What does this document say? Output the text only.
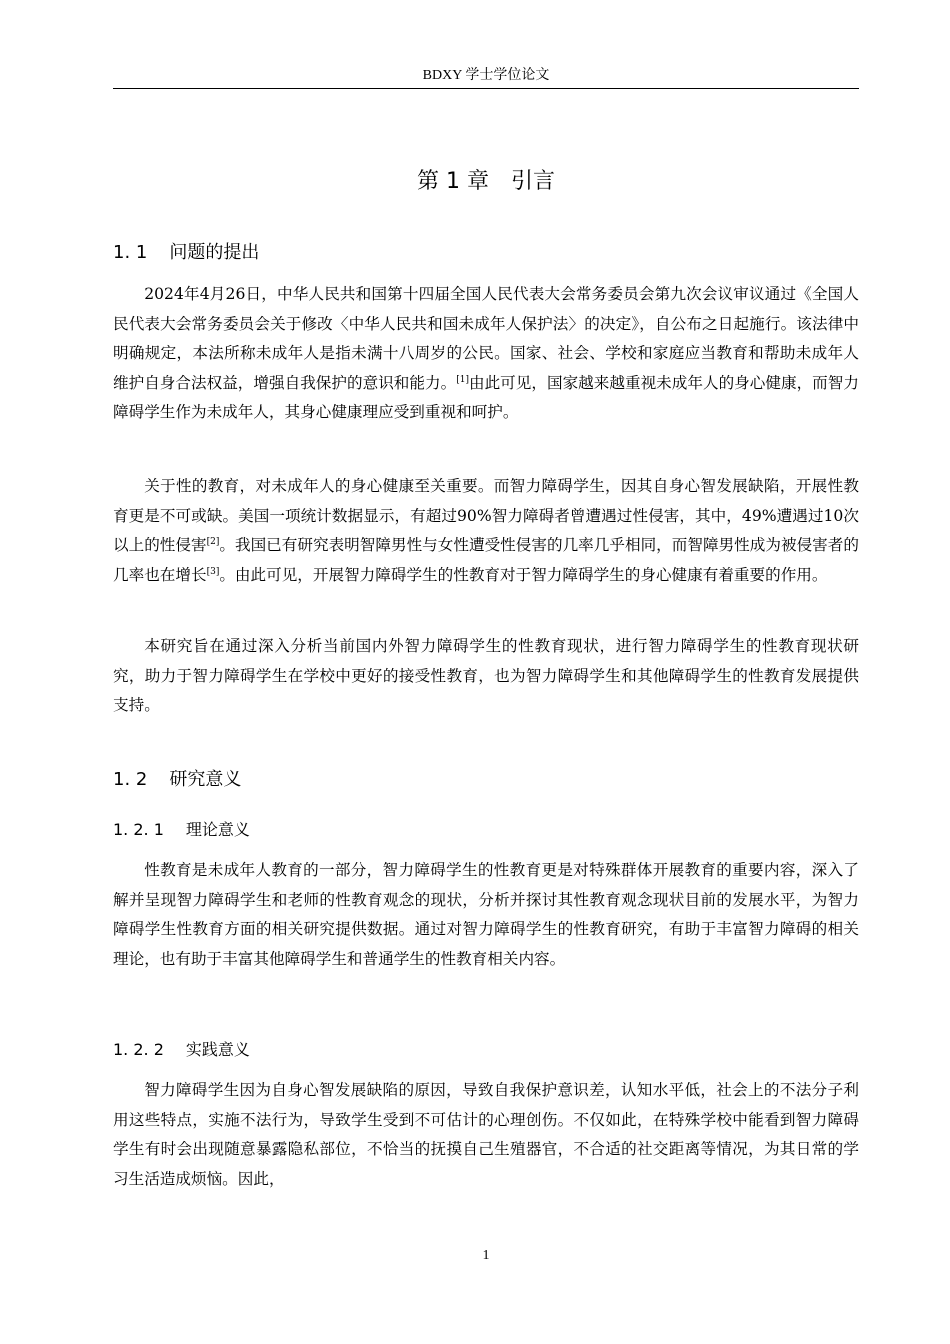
BDXY 学士学位论文
第 1 章　引言
1. 1 问题的提出

2024年4月26日，中华人民共和国第十四届全国人民代表大会常务委员会第九次会议审议通过《全国人民代表大会常务委员会关于修改〈中华人民共和国未成年人保护法〉的决定》，自公布之日起施行。该法律中明确规定，本法所称未成年人是指未满十八周岁的公民。国家、社会、学校和家庭应当教育和帮助未成年人维护自身合法权益，增强自我保护的意识和能力。[1]由此可见，国家越来越重视未成年人的身心健康，而智力障碍学生作为未成年人，其身心健康理应受到重视和呵护。

关于性的教育，对未成年人的身心健康至关重要。而智力障碍学生，因其自身心智发展缺陷，开展性教育更是不可或缺。美国一项统计数据显示，有超过90%智力障碍者曾遭遇过性侵害，其中，49%遭遇过10次以上的性侵害[2]。我国已有研究表明智障男性与女性遭受性侵害的几率几乎相同，而智障男性成为被侵害者的几率也在增长[3]。由此可见，开展智力障碍学生的性教育对于智力障碍学生的身心健康有着重要的作用。

本研究旨在通过深入分析当前国内外智力障碍学生的性教育现状，进行智力障碍学生的性教育现状研究，助力于智力障碍学生在学校中更好的接受性教育，也为智力障碍学生和其他障碍学生的性教育发展提供支持。

1. 2 研究意义
1. 2. 1 理论意义

性教育是未成年人教育的一部分，智力障碍学生的性教育更是对特殊群体开展教育的重要内容，深入了解并呈现智力障碍学生和老师的性教育观念的现状，分析并探讨其性教育观念现状目前的发展水平，为智力障碍学生性教育方面的相关研究提供数据。通过对智力障碍学生的性教育研究，有助于丰富智力障碍的相关理论，也有助于丰富其他障碍学生和普通学生的性教育相关内容。

1. 2. 2 实践意义

智力障碍学生因为自身心智发展缺陷的原因，导致自我保护意识差，认知水平低，社会上的不法分子利用这些特点，实施不法行为，导致学生受到不可估计的心理创伤。不仅如此，在特殊学校中能看到智力障碍学生有时会出现随意暴露隐私部位，不恰当的抚摸自己生殖器官，不合适的社交距离等情况，为其日常的学习生活造成烦恼。因此，

1
